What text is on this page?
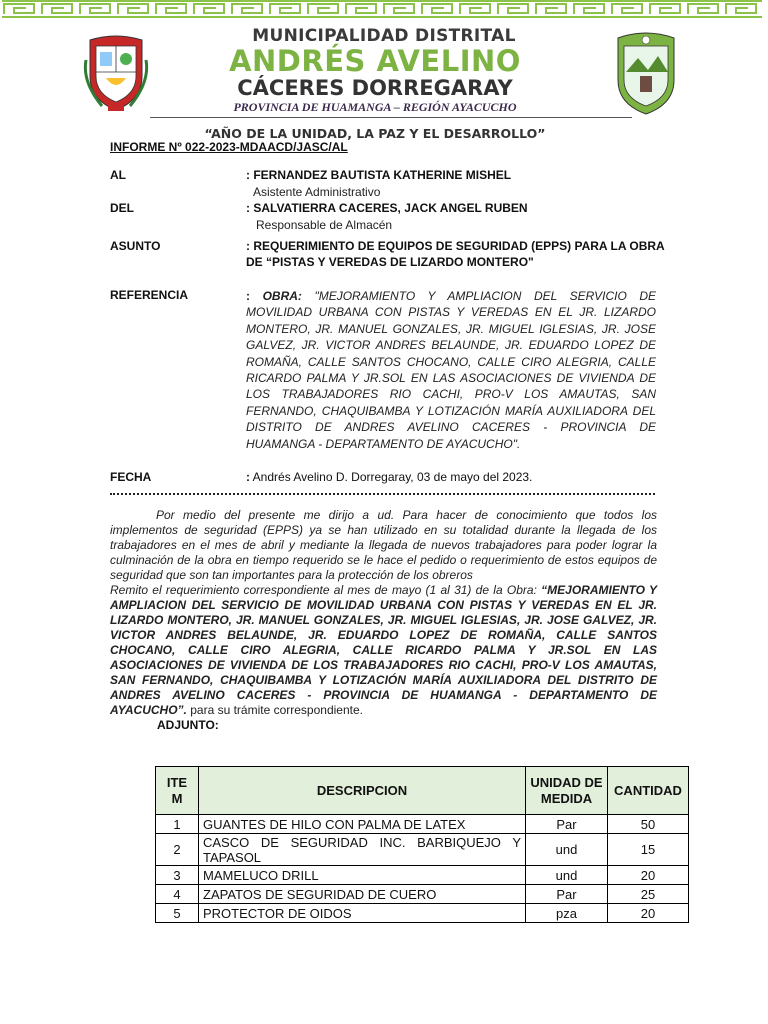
MUNICIPALIDAD DISTRITAL
ANDRÉS AVELINO
CÁCERES DORREGARAY
PROVINCIA DE HUAMANGA – REGIÓN AYACUCHO
“AÑO DE LA UNIDAD, LA PAZ Y EL DESARROLLO”
INFORME Nº 022-2023-MDAACD/JASC/AL
AL	: FERNANDEZ BAUTISTA KATHERINE MISHEL
Asistente Administrativo
DEL	: SALVATIERRA CACERES, JACK ANGEL RUBEN
Responsable de Almacén
ASUNTO	: REQUERIMIENTO DE EQUIPOS DE SEGURIDAD (EPPS) PARA LA OBRA
DE “PISTAS Y VEREDAS DE LIZARDO MONTERO"
REFERENCIA	: OBRA: "MEJORAMIENTO Y AMPLIACION DEL SERVICIO DE MOVILIDAD URBANA CON PISTAS Y VEREDAS EN EL JR. LIZARDO MONTERO, JR. MANUEL GONZALES, JR. MIGUEL IGLESIAS, JR. JOSE GALVEZ, JR. VICTOR ANDRES BELAUNDE, JR. EDUARDO LOPEZ DE ROMAÑA, CALLE SANTOS CHOCANO, CALLE CIRO ALEGRIA, CALLE RICARDO PALMA Y JR.SOL EN LAS ASOCIACIONES DE VIVIENDA DE LOS TRABAJADORES RIO CACHI, PRO-V LOS AMAUTAS, SAN FERNANDO, CHAQUIBAMBA Y LOTIZACIÓN MARÍA AUXILIADORA DEL DISTRITO DE ANDRES AVELINO CACERES - PROVINCIA DE HUAMANGA - DEPARTAMENTO DE AYACUCHO".
FECHA	: Andrés Avelino D. Dorregaray, 03 de mayo del 2023.
Por medio del presente me dirijo a ud. Para hacer de conocimiento que todos los implementos de seguridad (EPPS) ya se han utilizado en su totalidad durante la llegada de los trabajadores en el mes de abril y mediante la llegada de nuevos trabajadores para poder lograr la culminación de la obra en tiempo requerido se le hace el pedido o requerimiento de estos equipos de seguridad que son tan importantes para la protección de los obreros
Remito el requerimiento correspondiente al mes de mayo (1 al 31) de la Obra: “MEJORAMIENTO Y AMPLIACION DEL SERVICIO DE MOVILIDAD URBANA CON PISTAS Y VEREDAS EN EL JR. LIZARDO MONTERO, JR. MANUEL GONZALES, JR. MIGUEL IGLESIAS, JR. JOSE GALVEZ, JR. VICTOR ANDRES BELAUNDE, JR. EDUARDO LOPEZ DE ROMAÑA, CALLE SANTOS CHOCANO, CALLE CIRO ALEGRIA, CALLE RICARDO PALMA Y JR.SOL EN LAS ASOCIACIONES DE VIVIENDA DE LOS TRABAJADORES RIO CACHI, PRO-V LOS AMAUTAS, SAN FERNANDO, CHAQUIBAMBA Y LOTIZACIÓN MARÍA AUXILIADORA DEL DISTRITO DE ANDRES AVELINO CACERES - PROVINCIA DE HUAMANGA - DEPARTAMENTO DE AYACUCHO”. para su trámite correspondiente.
ADJUNTO:
ITE M	DESCRIPCION	UNIDAD DE MEDIDA	CANTIDAD
1	GUANTES DE HILO CON PALMA DE LATEX	Par	50
2	CASCO DE SEGURIDAD INC. BARBIQUEJO Y TAPASOL	und	15
3	MAMELUCO DRILL	und	20
4	ZAPATOS DE SEGURIDAD DE CUERO	Par	25
5	PROTECTOR DE OIDOS	pza	20
